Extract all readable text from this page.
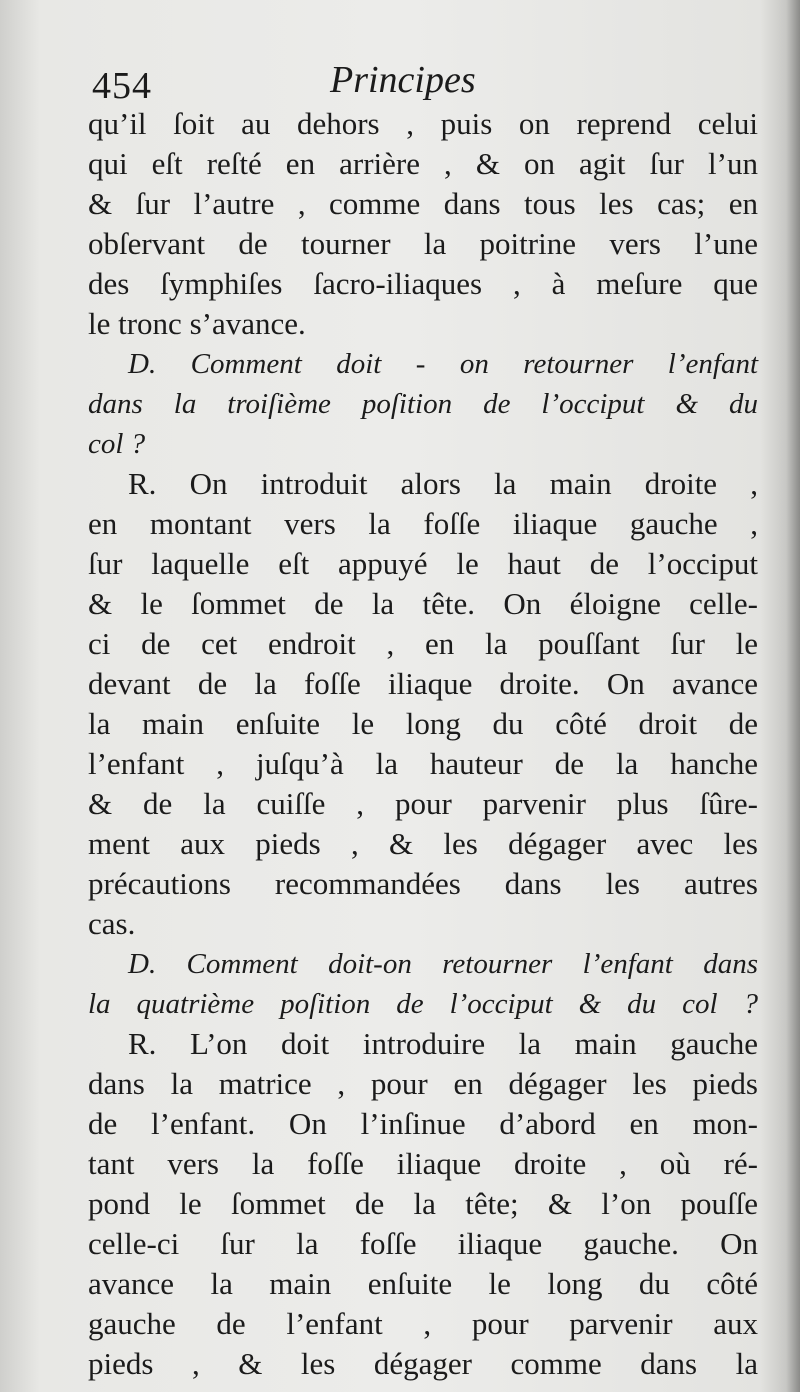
454	Principes
qu’il ſoit au dehors , puis on reprend celui
qui eſt reſté en arrière , & on agit ſur l’un
& ſur l’autre , comme dans tous les cas; en
obſervant de tourner la poitrine vers l’une
des ſymphiſes ſacro-iliaques , à meſure que
le tronc s’avance.
D. Comment doit - on retourner l’enfant
dans la troiſième poſition de l’occiput & du
col ?
R. On introduit alors la main droite ,
en montant vers la foſſe iliaque gauche ,
ſur laquelle eſt appuyé le haut de l’occiput
& le ſommet de la tête. On éloigne celle-
ci de cet endroit , en la pouſſant ſur le
devant de la foſſe iliaque droite. On avance
la main enſuite le long du côté droit de
l’enfant , juſqu’à la hauteur de la hanche
& de la cuiſſe , pour parvenir plus ſûre-
ment aux pieds , & les dégager avec les
précautions recommandées dans les autres
cas.
D. Comment doit-on retourner l’enfant dans
la quatrième poſition de l’occiput & du col ?
R. L’on doit introduire la main gauche
dans la matrice , pour en dégager les pieds
de l’enfant. On l’inſinue d’abord en mon-
tant vers la foſſe iliaque droite , où ré-
pond le ſommet de la tête; & l’on pouſſe
celle-ci ſur la foſſe iliaque gauche. On
avance la main enſuite le long du côté
gauche de l’enfant , pour parvenir aux
pieds , & les dégager comme dans la
